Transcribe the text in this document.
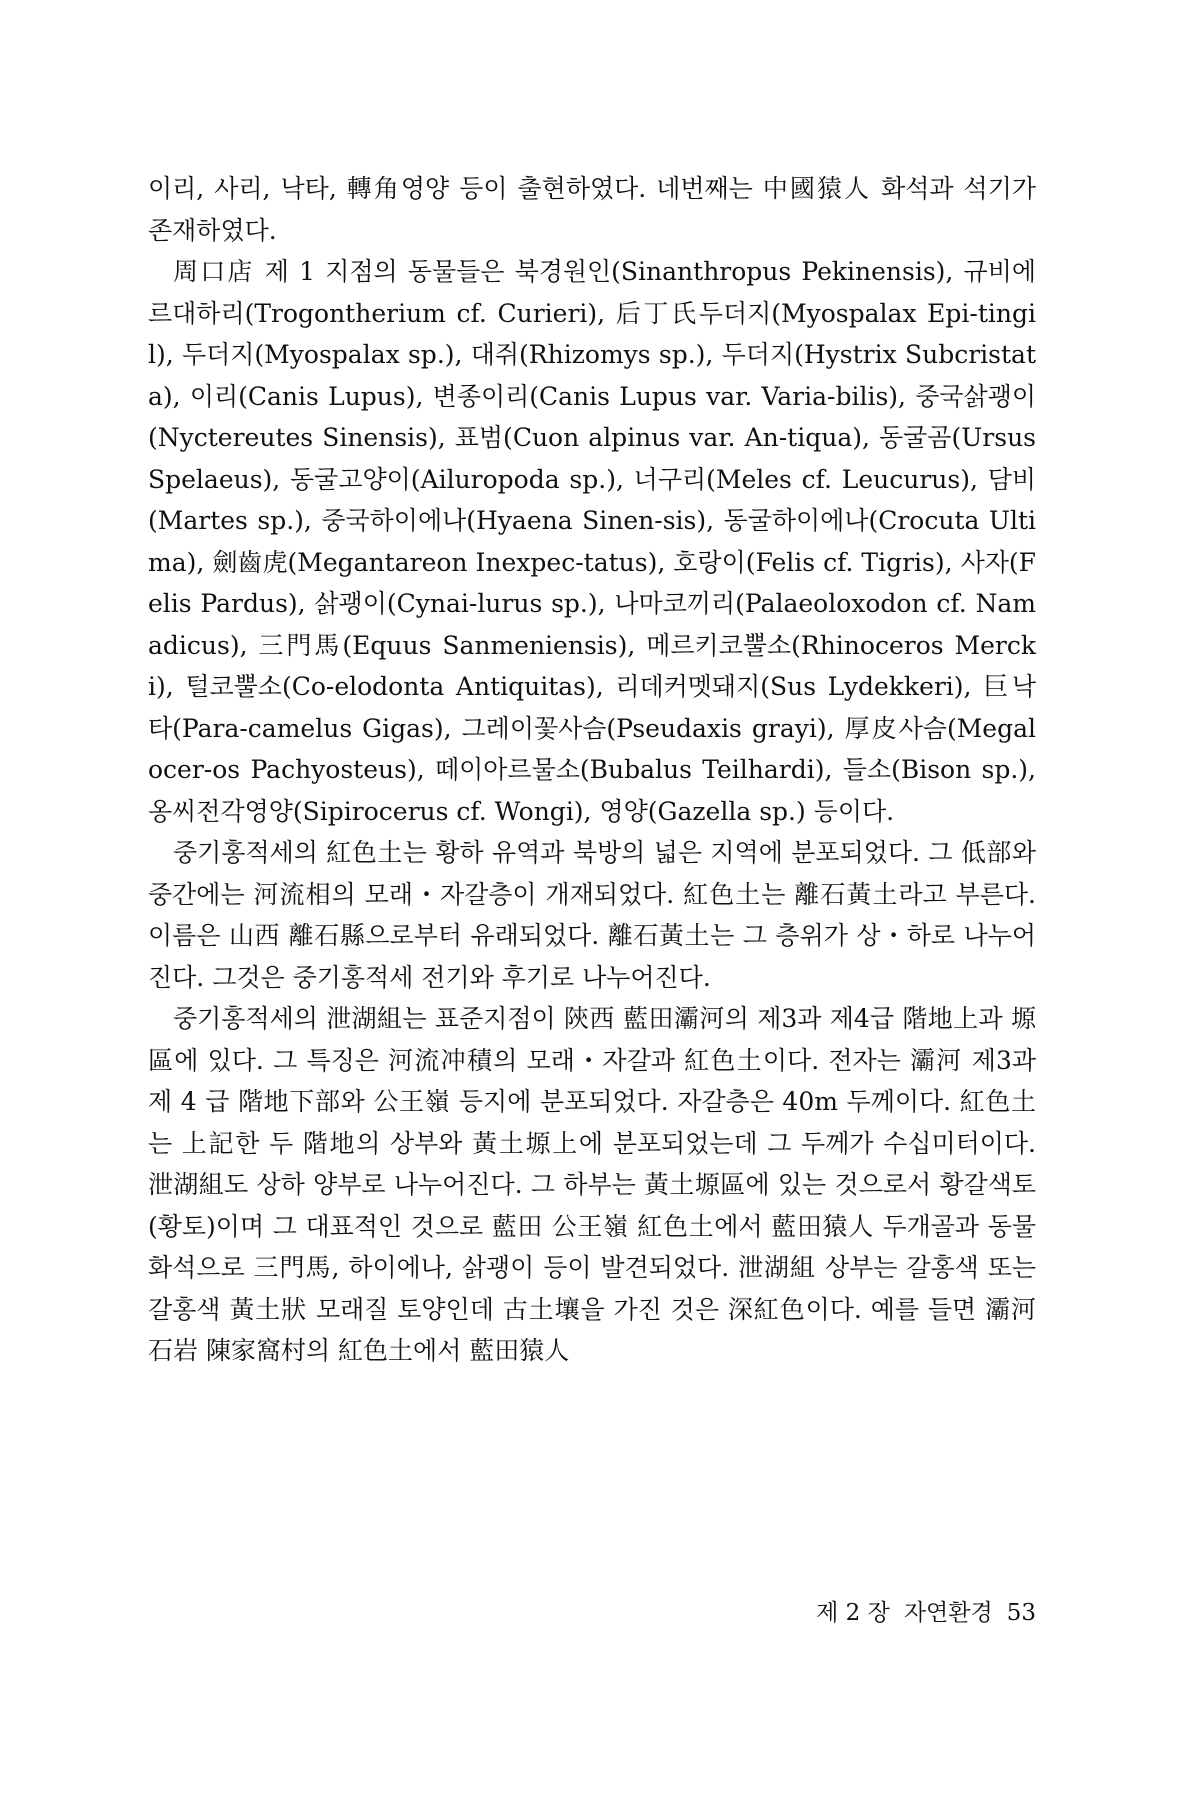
이리, 사리, 낙타, 轉角영양 등이 출현하였다. 네번째는 中國猿人 화석과 석기가 존재하였다.

周口店 제 1 지점의 동물들은 북경원인(Sinanthropus Pekinensis), 규비에르대하리(Trogontherium cf. Curieri), 后丁氏두더지(Myospalax Epi-tingil), 두더지(Myospalax sp.), 대쥐(Rhizomys sp.), 두더지(Hystrix Subcristata), 이리(Canis Lupus), 변종이리(Canis Lupus var. Varia-bilis), 중국삵괭이(Nyctereutes Sinensis), 표범(Cuon alpinus var. An-tiqua), 동굴곰(Ursus Spelaeus), 동굴고양이(Ailuropoda sp.), 너구리(Meles cf. Leucurus), 담비(Martes sp.), 중국하이에나(Hyaena Sinen-sis), 동굴하이에나(Crocuta Ultima), 劍齒虎(Megantareon Inexpec-tatus), 호랑이(Felis cf. Tigris), 사자(Felis Pardus), 삵괭이(Cynai-lurus sp.), 나마코끼리(Palaeoloxodon cf. Namadicus), 三門馬(Equus Sanmeniensis), 메르키코뿔소(Rhinoceros Mercki), 털코뿔소(Co-elodonta Antiquitas), 리데커멧돼지(Sus Lydekkeri), 巨낙타(Para-camelus Gigas), 그레이꽃사슴(Pseudaxis grayi), 厚皮사슴(Megalocer-os Pachyosteus), 떼이아르물소(Bubalus Teilhardi), 들소(Bison sp.), 옹씨전각영양(Sipirocerus cf. Wongi), 영양(Gazella sp.) 등이다.

중기홍적세의 紅色土는 황하 유역과 북방의 넓은 지역에 분포되었다. 그 低部와 중간에는 河流相의 모래・자갈층이 개재되었다. 紅色土는 離石黃土라고 부른다. 이름은 山西 離石縣으로부터 유래되었다. 離石黃土는 그 층위가 상・하로 나누어진다. 그것은 중기홍적세 전기와 후기로 나누어진다.

중기홍적세의 泄湖組는 표준지점이 陝西 藍田灞河의 제3과 제4급 階地上과 塬區에 있다. 그 특징은 河流冲積의 모래・자갈과 紅色土이다. 전자는 灞河 제3과 제 4 급 階地下部와 公王嶺 등지에 분포되었다. 자갈층은 40m 두께이다. 紅色土는 上記한 두 階地의 상부와 黃土塬上에 분포되었는데 그 두께가 수십미터이다. 泄湖組도 상하 양부로 나누어진다. 그 하부는 黃土塬區에 있는 것으로서 황갈색토(황토)이며 그 대표적인 것으로 藍田 公王嶺 紅色土에서 藍田猿人 두개골과 동물화석으로 三門馬, 하이에나, 삵괭이 등이 발견되었다. 泄湖組 상부는 갈홍색 또는 갈홍색 黃土狀 모래질 토양인데 古土壤을 가진 것은 深紅色이다. 예를 들면 灞河石岩 陳家窩村의 紅色土에서 藍田猿人

제 2 장 자연환경 53
